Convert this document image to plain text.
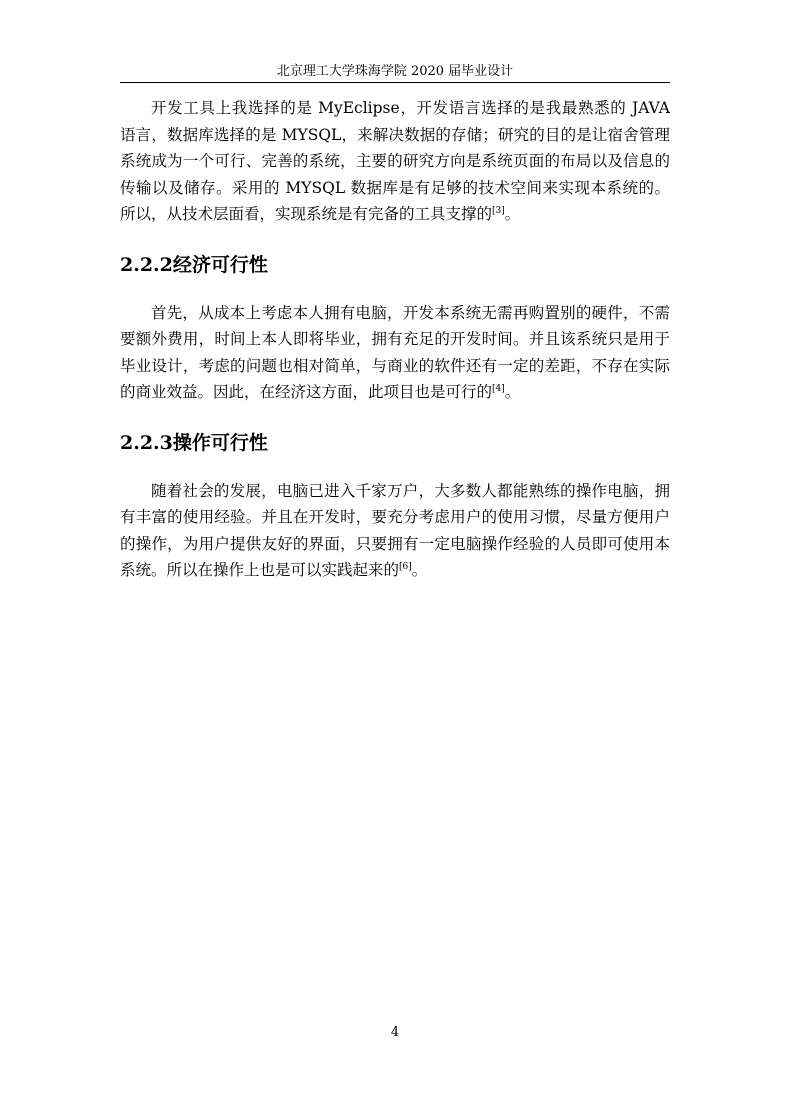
北京理工大学珠海学院 2020 届毕业设计

开发工具上我选择的是 MyEclipse，开发语言选择的是我最熟悉的 JAVA 语言，数据库选择的是 MYSQL，来解决数据的存储；研究的目的是让宿舍管理系统成为一个可行、完善的系统，主要的研究方向是系统页面的布局以及信息的传输以及储存。采用的 MYSQL 数据库是有足够的技术空间来实现本系统的。所以，从技术层面看，实现系统是有完备的工具支撑的[3]。

2.2.2经济可行性

首先，从成本上考虑本人拥有电脑，开发本系统无需再购置别的硬件，不需要额外费用，时间上本人即将毕业，拥有充足的开发时间。并且该系统只是用于毕业设计，考虑的问题也相对简单，与商业的软件还有一定的差距，不存在实际的商业效益。因此，在经济这方面，此项目也是可行的[4]。

2.2.3操作可行性

随着社会的发展，电脑已进入千家万户，大多数人都能熟练的操作电脑，拥有丰富的使用经验。并且在开发时，要充分考虑用户的使用习惯，尽量方便用户的操作，为用户提供友好的界面，只要拥有一定电脑操作经验的人员即可使用本系统。所以在操作上也是可以实践起来的[6]。

4
